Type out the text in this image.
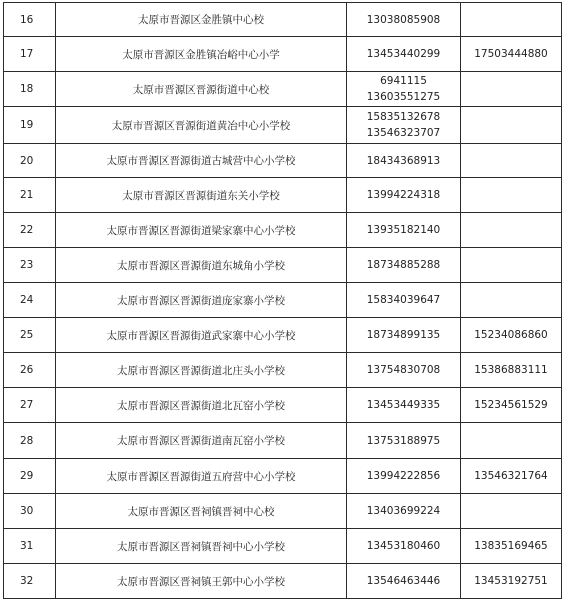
16	太原市晋源区金胜镇中心校	13038085908	

17	太原市晋源区金胜镇冶峪中心小学	13453440299	17503444880
18	太原市晋源区晋源街道中心校	6941115
13603551275	

19	太原市晋源区晋源街道黄冶中心小学校	15835132678
13546323707	

20	太原市晋源区晋源街道古城营中心小学校	18434368913	

21	太原市晋源区晋源街道东关小学校	13994224318	

22	太原市晋源区晋源街道梁家寨中心小学校	13935182140	

23	太原市晋源区晋源街道东城角小学校	18734885288	

24	太原市晋源区晋源街道庞家寨小学校	15834039647	

25	太原市晋源区晋源街道武家寨中心小学校	18734899135	15234086860
26	太原市晋源区晋源街道北庄头小学校	13754830708	15386883111
27	太原市晋源区晋源街道北瓦窑小学校	13453449335	15234561529
28	太原市晋源区晋源街道南瓦窑小学校	13753188975	

29	太原市晋源区晋源街道五府营中心小学校	13994222856	13546321764
30	太原市晋源区晋祠镇晋祠中心校	13403699224	

31	太原市晋源区晋祠镇晋祠中心小学校	13453180460	13835169465
32	太原市晋源区晋祠镇王郭中心小学校	13546463446	13453192751
